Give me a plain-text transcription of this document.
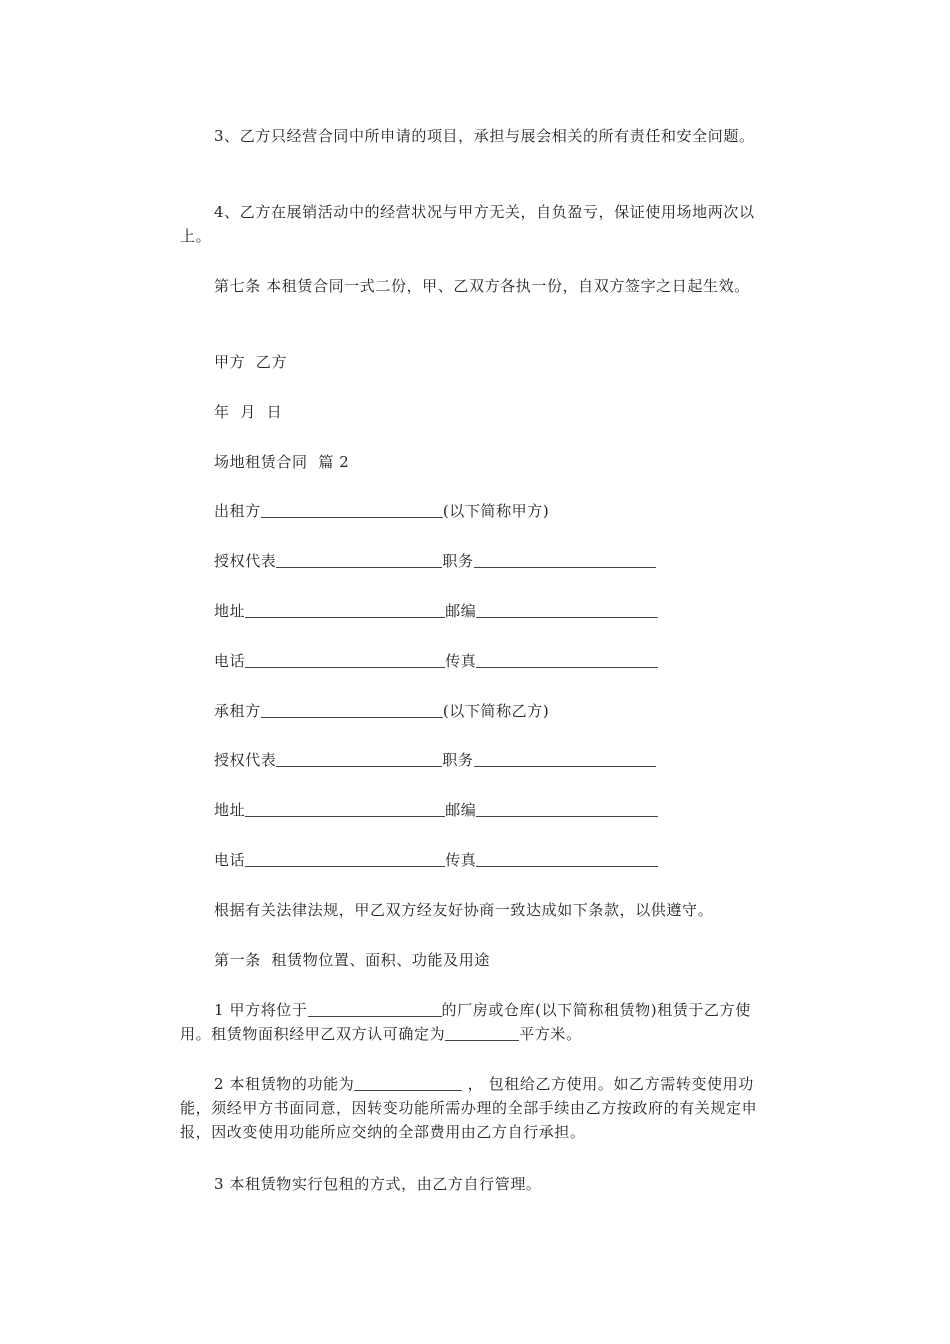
3、乙方只经营合同中所申请的项目，承担与展会相关的所有责任和安全问题。

4、乙方在展销活动中的经营状况与甲方无关，自负盈亏，保证使用场地两次以上。

第七条 本租赁合同一式二份，甲、乙双方各执一份，自双方签字之日起生效。

甲方  乙方

年  月  日

场地租赁合同  篇 2

出租方	(以下简称甲方)
授权代表	职务
地址	邮编
电话	传真
承租方	(以下简称乙方)
授权代表	职务
地址	邮编
电话	传真

根据有关法律法规，甲乙双方经友好协商一致达成如下条款，以供遵守。

第一条  租赁物位置、面积、功能及用途

1 甲方将位于	的厂房或仓库(以下简称租赁物)租赁于乙方使用。租赁物面积经甲乙双方认可确定为	平方米。

2 本租赁物的功能为	， 包租给乙方使用。如乙方需转变使用功能，须经甲方书面同意，因转变功能所需办理的全部手续由乙方按政府的有关规定申报，因改变使用功能所应交纳的全部费用由乙方自行承担。

3 本租赁物实行包租的方式，由乙方自行管理。
